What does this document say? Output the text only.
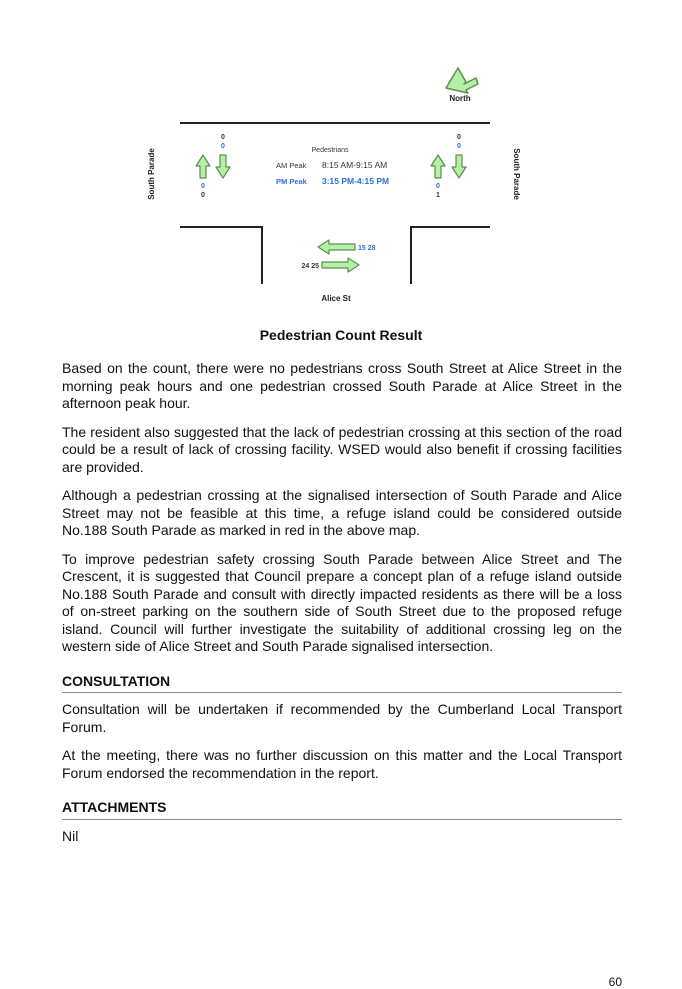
North
South Parade	South Parade
Alice St
Pedestrians
AM Peak 8:15 AM-9:15 AM
PM Peak 3:15 PM-4:15 PM
0
0
0
0
0
0
0
1
15 28
24 25
Pedestrian Count Result

Based on the count, there were no pedestrians cross South Street at Alice Street in the morning peak hours and one pedestrian crossed South Parade at Alice Street in the afternoon peak hour.

The resident also suggested that the lack of pedestrian crossing at this section of the road could be a result of lack of crossing facility. WSED would also benefit if crossing facilities are provided.

Although a pedestrian crossing at the signalised intersection of South Parade and Alice Street may not be feasible at this time, a refuge island could be considered outside No.188 South Parade as marked in red in the above map.

To improve pedestrian safety crossing South Parade between Alice Street and The Crescent, it is suggested that Council prepare a concept plan of a refuge island outside No.188 South Parade and consult with directly impacted residents as there will be a loss of on-street parking on the southern side of South Street due to the proposed refuge island. Council will further investigate the suitability of additional crossing leg on the western side of Alice Street and South Parade signalised intersection.

CONSULTATION

Consultation will be undertaken if recommended by the Cumberland Local Transport Forum.

At the meeting, there was no further discussion on this matter and the Local Transport Forum endorsed the recommendation in the report.

ATTACHMENTS

Nil

60
